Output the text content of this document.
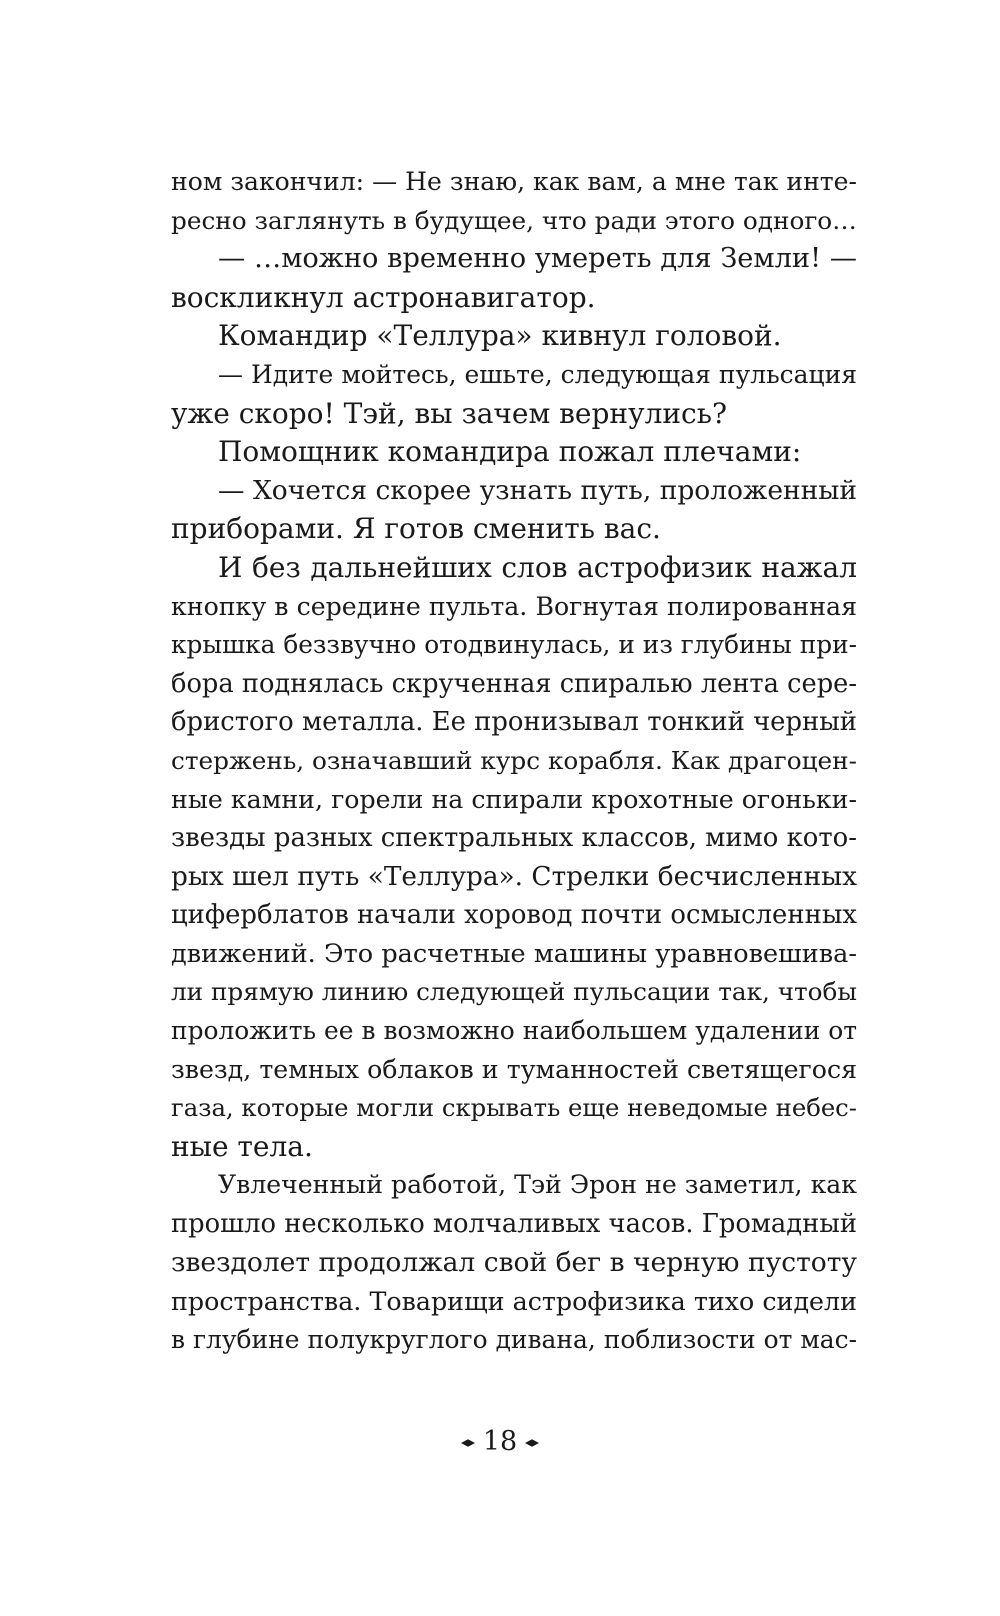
ном закончил: — Не знаю, как вам, а мне так инте-
ресно заглянуть в будущее, что ради этого одного…
— …можно временно умереть для Земли! —
воскликнул астронавигатор.
Командир «Теллура» кивнул головой.
— Идите мойтесь, ешьте, следующая пульсация
уже скоро! Тэй, вы зачем вернулись?
Помощник командира пожал плечами:
— Хочется скорее узнать путь, проложенный
приборами. Я готов сменить вас.
И без дальнейших слов астрофизик нажал
кнопку в середине пульта. Вогнутая полированная
крышка беззвучно отодвинулась, и из глубины при-
бора поднялась скрученная спиралью лента сере-
бристого металла. Ее пронизывал тонкий черный
стержень, означавший курс корабля. Как драгоцен-
ные камни, горели на спирали крохотные огоньки-
звезды разных спектральных классов, мимо кото-
рых шел путь «Теллура». Стрелки бесчисленных
циферблатов начали хоровод почти осмысленных
движений. Это расчетные машины уравновешива-
ли прямую линию следующей пульсации так, чтобы
проложить ее в возможно наибольшем удалении от
звезд, темных облаков и туманностей светящегося
газа, которые могли скрывать еще неведомые небес-
ные тела.
Увлеченный работой, Тэй Эрон не заметил, как
прошло несколько молчаливых часов. Громадный
звездолет продолжал свой бег в черную пустоту
пространства. Товарищи астрофизика тихо сидели
в глубине полукруглого дивана, поблизости от мас-
18
